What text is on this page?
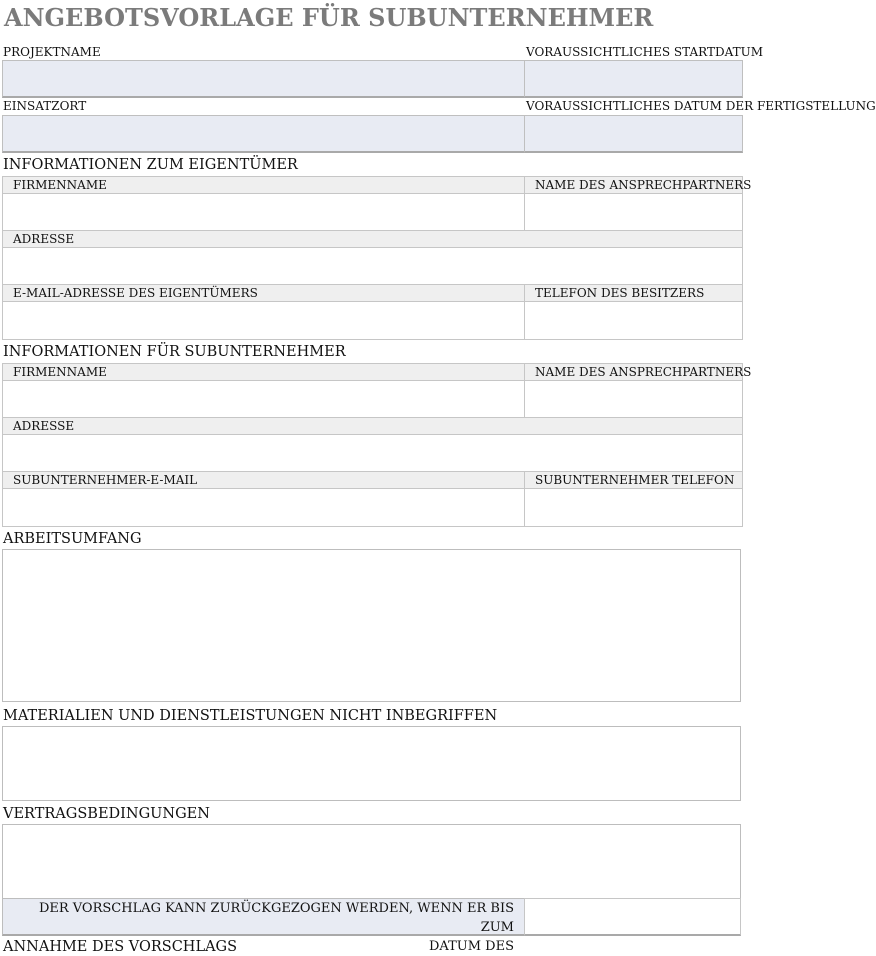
ANGEBOTSVORLAGE FÜR SUBUNTERNEHMER
PROJEKTNAME	VORAUSSICHTLICHES STARTDATUM
EINSATZORT	VORAUSSICHTLICHES DATUM DER FERTIGSTELLUNG
INFORMATIONEN ZUM EIGENTÜMER
FIRMENNAME	NAME DES ANSPRECHPARTNERS
ADRESSE
E-MAIL-ADRESSE DES EIGENTÜMERS	TELEFON DES BESITZERS
INFORMATIONEN FÜR SUBUNTERNEHMER
FIRMENNAME	NAME DES ANSPRECHPARTNERS
ADRESSE
SUBUNTERNEHMER-E-MAIL	SUBUNTERNEHMER TELEFON
ARBEITSUMFANG
MATERIALIEN UND DIENSTLEISTUNGEN NICHT INBEGRIFFEN
VERTRAGSBEDINGUNGEN
DER VORSCHLAG KANN ZURÜCKGEZOGEN WERDEN, WENN ER BIS ZUM
DATUM DES
ANNAHME DES VORSCHLAGS
